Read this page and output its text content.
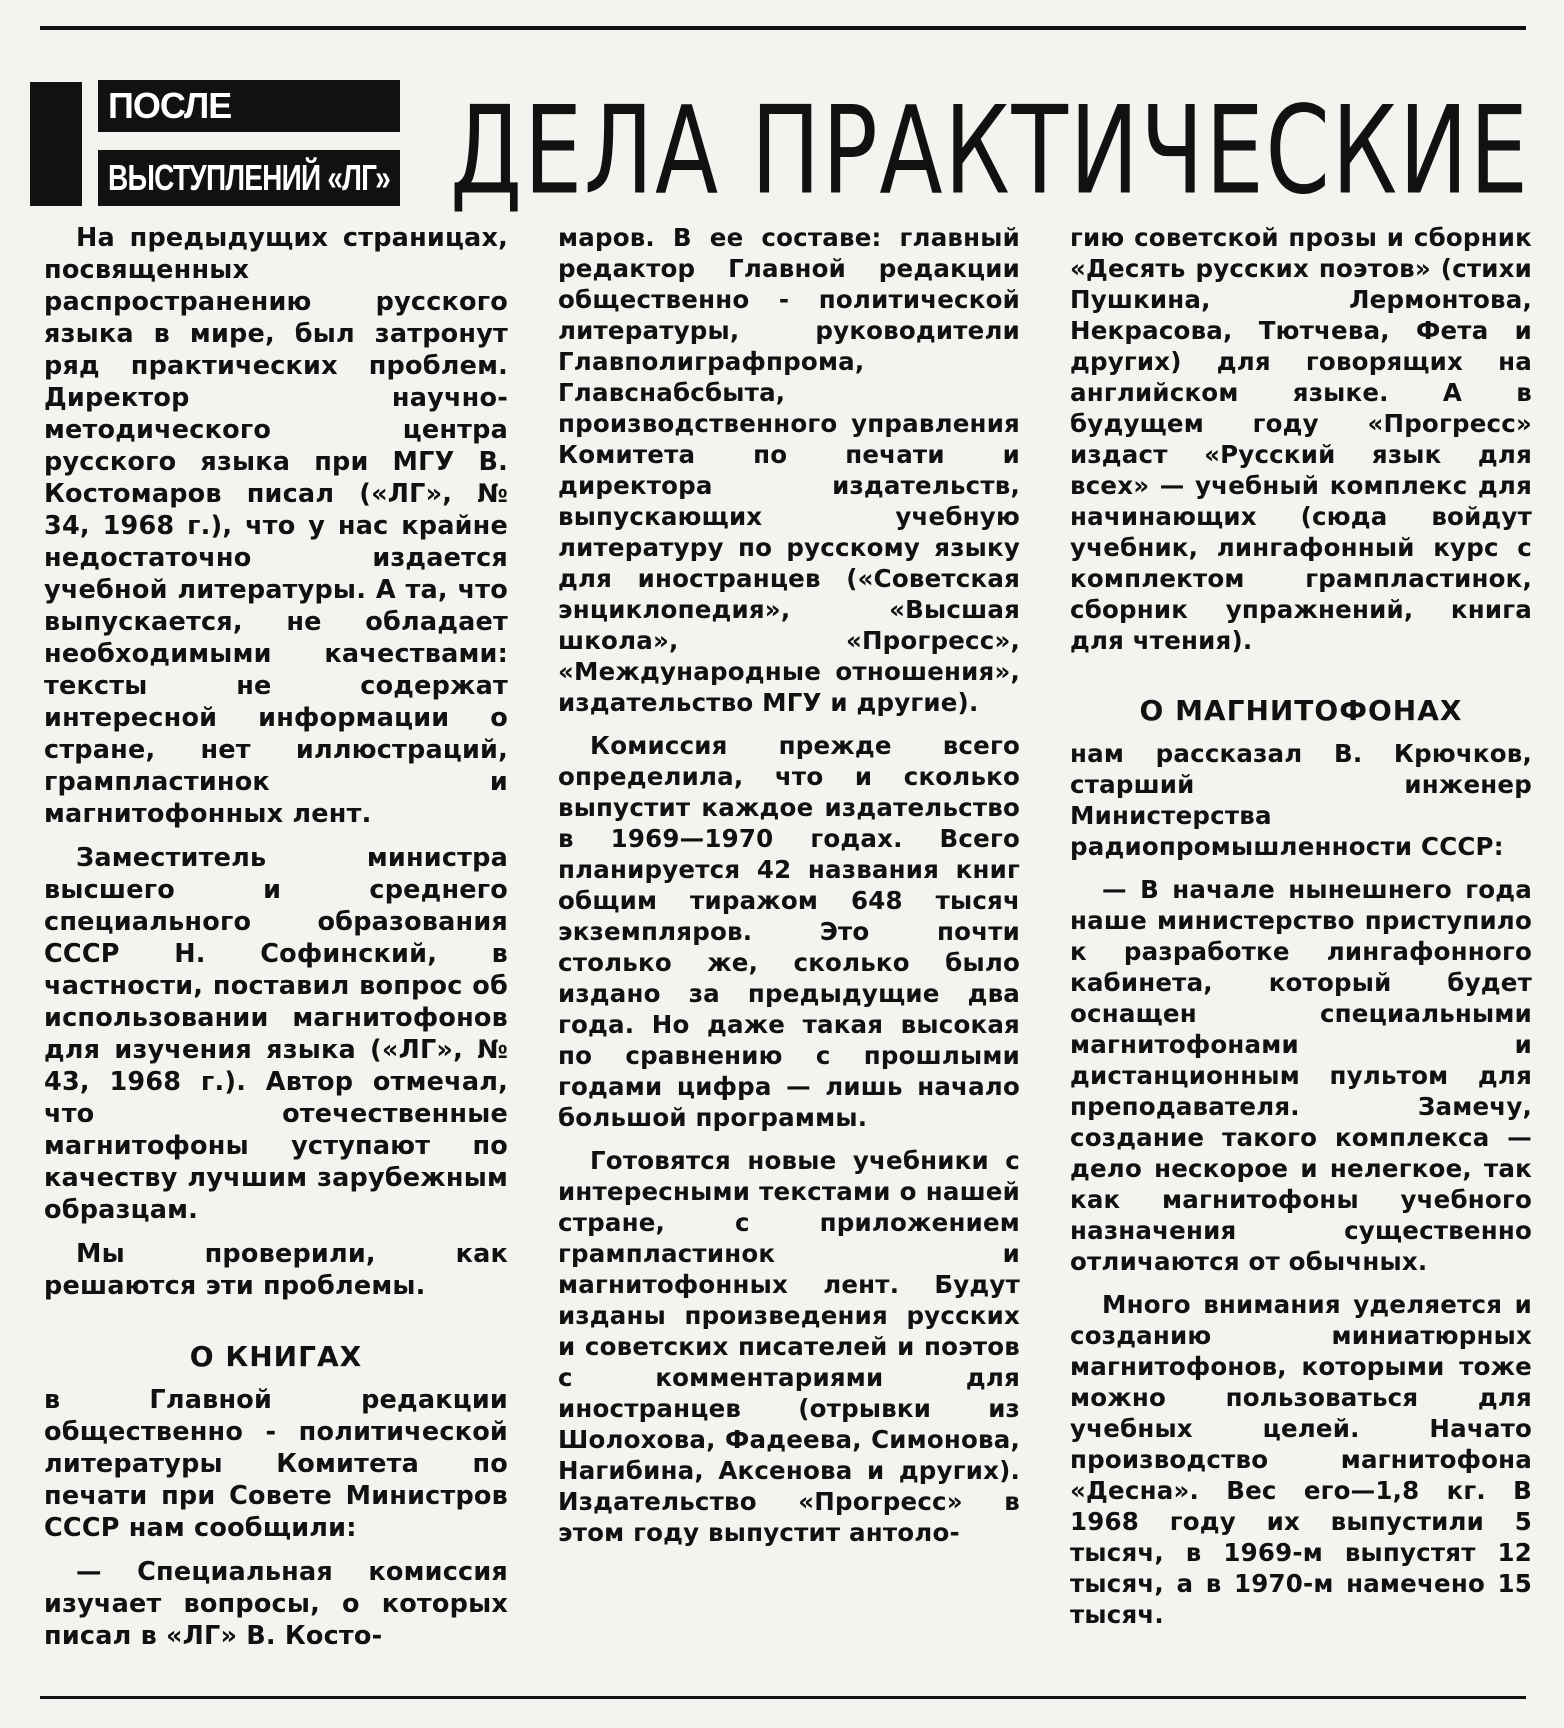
ПОСЛЕ
ВЫСТУПЛЕНИЙ «ЛГ» ДЕЛА ПРАКТИЧЕСКИЕ

На предыдущих страницах, посвященных распространению русского языка в мире, был затронут ряд практических проблем. Директор научно-методического центра русского языка при МГУ В. Костомаров писал («ЛГ», № 34, 1968 г.), что у нас крайне недостаточно издается учебной литературы. А та, что выпускается, не обладает необходимыми качествами: тексты не содержат интересной информации о стране, нет иллюстраций, грампластинок и магнитофонных лент.

Заместитель министра высшего и среднего специального образования СССР Н. Софинский, в частности, поставил вопрос об использовании магнитофонов для изучения языка («ЛГ», № 43, 1968 г.). Автор отмечал, что отечественные магнитофоны уступают по качеству лучшим зарубежным образцам.

Мы проверили, как решаются эти проблемы.

О КНИГАХ

в Главной редакции общественно - политической литературы Комитета по печати при Совете Министров СССР нам сообщили:

— Специальная комиссия изучает вопросы, о которых писал в «ЛГ» В. Косто-

маров. В ее составе: главный редактор Главной редакции общественно - политической литературы, руководители Главполиграфпрома, Главснабсбыта, производственного управления Комитета по печати и директора издательств, выпускающих учебную литературу по русскому языку для иностранцев («Советская энциклопедия», «Высшая школа», «Прогресс», «Международные отношения», издательство МГУ и другие).

Комиссия прежде всего определила, что и сколько выпустит каждое издательство в 1969—1970 годах. Всего планируется 42 названия книг общим тиражом 648 тысяч экземпляров. Это почти столько же, сколько было издано за предыдущие два года. Но даже такая высокая по сравнению с прошлыми годами цифра — лишь начало большой программы.

Готовятся новые учебники с интересными текстами о нашей стране, с приложением грампластинок и магнитофонных лент. Будут изданы произведения русских и советских писателей и поэтов с комментариями для иностранцев (отрывки из Шолохова, Фадеева, Симонова, Нагибина, Аксенова и других). Издательство «Прогресс» в этом году выпустит антоло-

гию советской прозы и сборник «Десять русских поэтов» (стихи Пушкина, Лермонтова, Некрасова, Тютчева, Фета и других) для говорящих на английском языке. А в будущем году «Прогресс» издаст «Русский язык для всех» — учебный комплекс для начинающих (сюда войдут учебник, лингафонный курс с комплектом грампластинок, сборник упражнений, книга для чтения).

О МАГНИТОФОНАХ

нам рассказал В. Крючков, старший инженер Министерства радиопромышленности СССР:

— В начале нынешнего года наше министерство приступило к разработке лингафонного кабинета, который будет оснащен специальными магнитофонами и дистанционным пультом для преподавателя. Замечу, создание такого комплекса — дело нескорое и нелегкое, так как магнитофоны учебного назначения существенно отличаются от обычных.

Много внимания уделяется и созданию миниатюрных магнитофонов, которыми тоже можно пользоваться для учебных целей. Начато производство магнитофона «Десна». Вес его—1,8 кг. В 1968 году их выпустили 5 тысяч, в 1969-м выпустят 12 тысяч, а в 1970-м намечено 15 тысяч.
